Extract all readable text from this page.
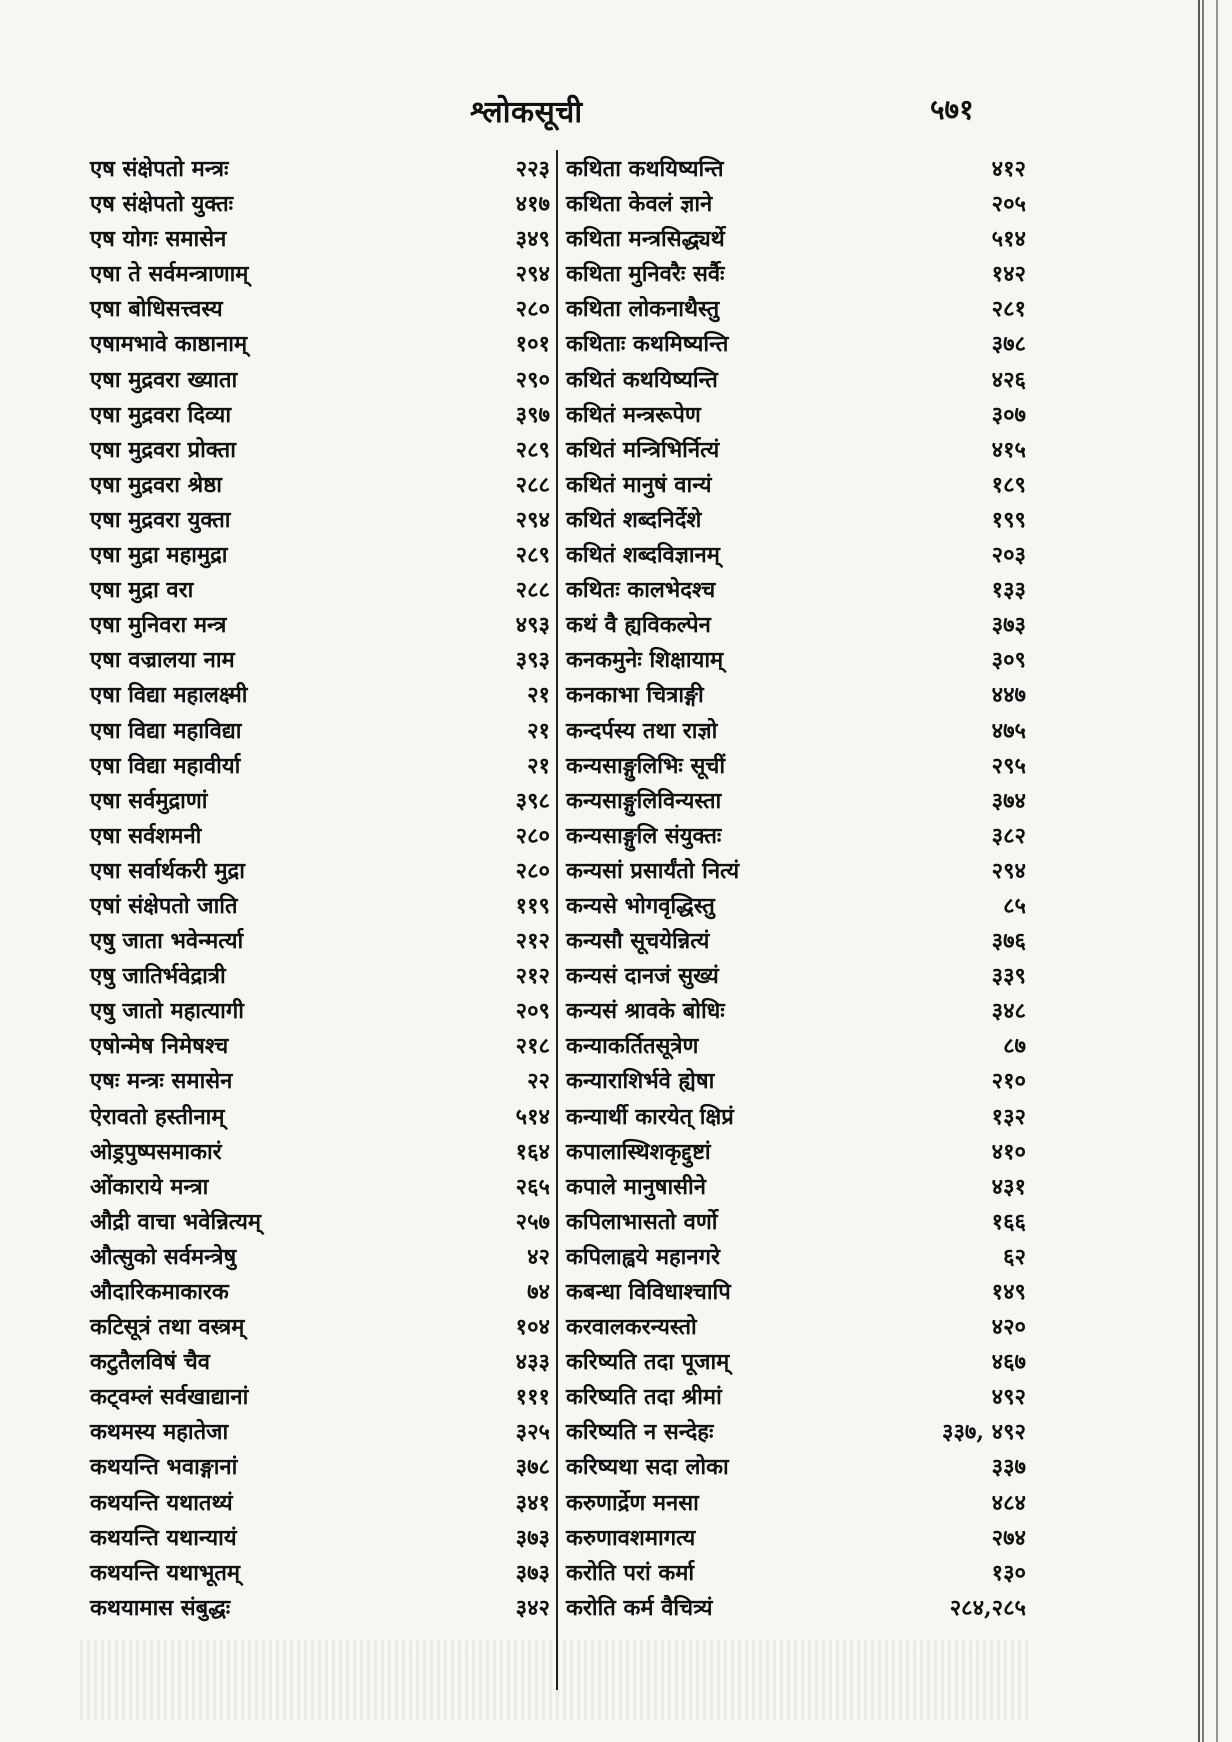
श्लोकसूची	५७१
एष संक्षेपतो मन्त्रः	२२३
एष संक्षेपतो युक्तः	४१७
एष योगः समासेन	३४९
एषा ते सर्वमन्त्राणाम्	२९४
एषा बोधिसत्त्वस्य	२८०
एषामभावे काष्ठानाम्	१०१
एषा मुद्रवरा ख्याता	२९०
एषा मुद्रवरा दिव्या	३९७
एषा मुद्रवरा प्रोक्ता	२८९
एषा मुद्रवरा श्रेष्ठा	२८८
एषा मुद्रवरा युक्ता	२९४
एषा मुद्रा महामुद्रा	२८९
एषा मुद्रा वरा	२८८
एषा मुनिवरा मन्त्र	४९३
एषा वज्रालया नाम	३९३
एषा विद्या महालक्ष्मी	२१
एषा विद्या महाविद्या	२१
एषा विद्या महावीर्या	२१
एषा सर्वमुद्राणां	३९८
एषा सर्वशमनी	२८०
एषा सर्वार्थकरी मुद्रा	२८०
एषां संक्षेपतो जाति	११९
एषु जाता भवेन्मर्त्या	२१२
एषु जातिर्भवेद्रात्री	२१२
एषु जातो महात्यागी	२०९
एषोन्मेष निमेषश्च	२१८
एषः मन्त्रः समासेन	२२
ऐरावतो हस्तीनाम्	५१४
ओड्रपुष्पसमाकारं	१६४
ओंकाराये मन्त्रा	२६५
औद्री वाचा भवेन्नित्यम्	२५७
औत्सुको सर्वमन्त्रेषु	४२
औदारिकमाकारक	७४
कटिसूत्रं तथा वस्त्रम्	१०४
कटुतैलविषं चैव	४३३
कट्वम्लं सर्वखाद्यानां	१११
कथमस्य महातेजा	३२५
कथयन्ति भवाङ्गानां	३७८
कथयन्ति यथातथ्यं	३४१
कथयन्ति यथान्यायं	३७३
कथयन्ति यथाभूतम्	३७३
कथयामास संबुद्धः	३४२
कथिता कथयिष्यन्ति	४१२
कथिता केवलं ज्ञाने	२०५
कथिता मन्त्रसिद्ध्यर्थे	५१४
कथिता मुनिवरैः सर्वैः	१४२
कथिता लोकनाथैस्तु	२८१
कथिताः कथमिष्यन्ति	३७८
कथितं कथयिष्यन्ति	४२६
कथितं मन्त्ररूपेण	३०७
कथितं मन्त्रिभिर्नित्यं	४१५
कथितं मानुषं वान्यं	१८९
कथितं शब्दनिर्देशे	१९९
कथितं शब्दविज्ञानम्	२०३
कथितः कालभेदश्च	१३३
कथं वै ह्यविकल्पेन	३७३
कनकमुनेः शिक्षायाम्	३०९
कनकाभा चित्राङ्गी	४४७
कन्दर्पस्य तथा राज्ञो	४७५
कन्यसाङ्गुलिभिः सूचीं	२९५
कन्यसाङ्गुलिविन्यस्ता	३७४
कन्यसाङ्गुलि संयुक्तः	३८२
कन्यसां प्रसार्यंतो नित्यं	२९४
कन्यसे भोगवृद्धिस्तु	८५
कन्यसौ सूचयेन्नित्यं	३७६
कन्यसं दानजं सुख्यं	३३९
कन्यसं श्रावके बोधिः	३४८
कन्याकर्तितसूत्रेण	८७
कन्याराशिर्भवे ह्येषा	२१०
कन्यार्थी कारयेत् क्षिप्रं	१३२
कपालास्थिशकृद्दुष्टां	४१०
कपाले मानुषासीने	४३१
कपिलाभासतो वर्णो	१६६
कपिलाह्वये महानगरे	६२
कबन्धा विविधाश्चापि	१४९
करवालकरन्यस्तो	४२०
करिष्यति तदा पूजाम्	४६७
करिष्यति तदा श्रीमां	४९२
करिष्यति न सन्देहः	३३७, ४९२
करिष्यथा सदा लोका	३३७
करुणार्द्रेण मनसा	४८४
करुणावशमागत्य	२७४
करोति परां कर्मा	१३०
करोति कर्म वैचित्र्यं	२८४,२८५
